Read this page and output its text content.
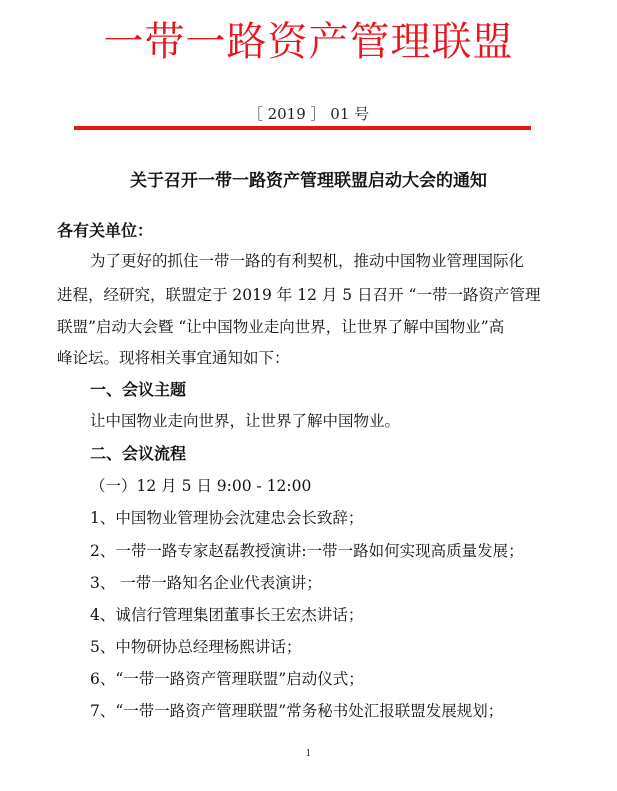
一带一路资产管理联盟
［ 2019 ］ 01 号
关于召开一带一路资产管理联盟启动大会的通知
各有关单位：
为了更好的抓住一带一路的有利契机，推动中国物业管理国际化
进程，经研究，联盟定于 2019 年 12 月 5 日召开 “一带一路资产管理
联盟”启动大会暨 “让中国物业走向世界，让世界了解中国物业”高
峰论坛。现将相关事宜通知如下：
一、会议主题
让中国物业走向世界，让世界了解中国物业。
二、会议流程
（一）12 月 5 日 9:00 - 12:00
1、中国物业管理协会沈建忠会长致辞；
2、一带一路专家赵磊教授演讲:一带一路如何实现高质量发展；
3、 一带一路知名企业代表演讲；
4、诚信行管理集团董事长王宏杰讲话；
5、中物研协总经理杨熙讲话；
6、“一带一路资产管理联盟”启动仪式；
7、“一带一路资产管理联盟”常务秘书处汇报联盟发展规划；
1
